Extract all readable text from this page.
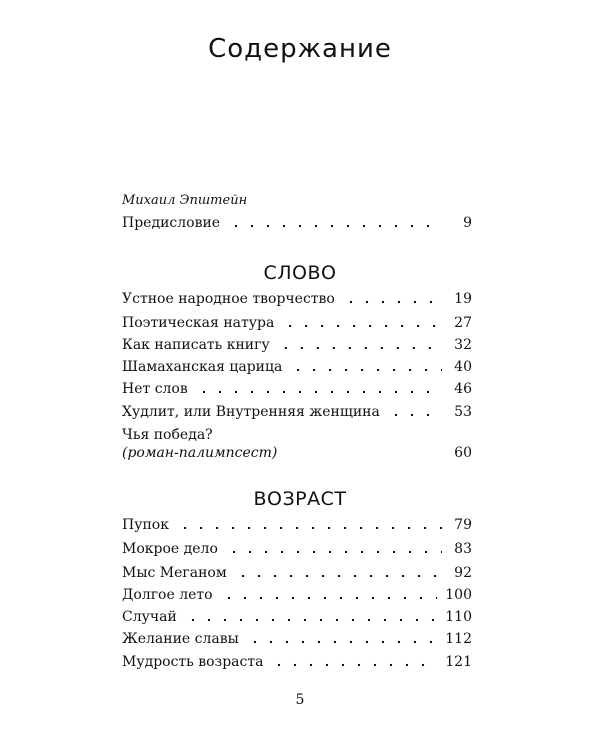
Содержание
Михаил Эпштейн
Предисловие	9
СЛОВО
Устное народное творчество	19
Поэтическая натура	27
Как написать книгу	32
Шамаханская царица	40
Нет слов	46
Худлит, или Внутренняя женщина	53
Чья победа?
(роман-палимпсест)	60
ВОЗРАСТ
Пупок	79
Мокрое дело	83
Мыс Меганом	92
Долгое лето	100
Случай	110
Желание славы	112
Мудрость возраста	121
5
